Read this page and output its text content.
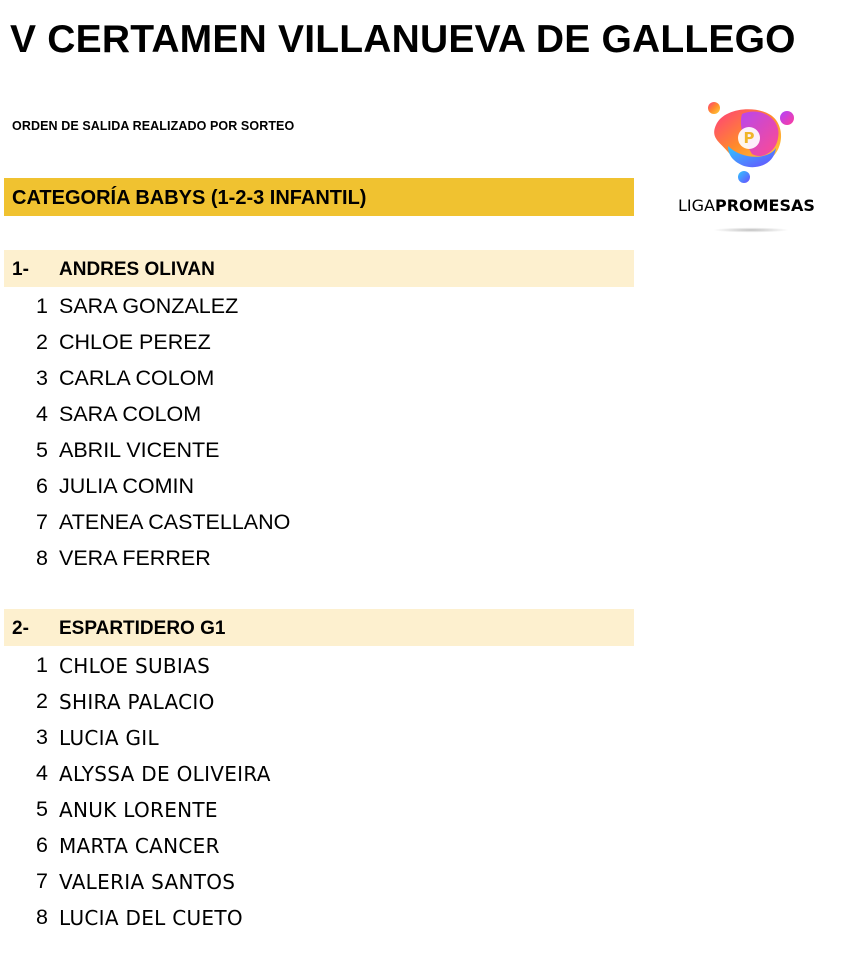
V CERTAMEN VILLANUEVA DE GALLEGO
ORDEN DE SALIDA REALIZADO POR SORTEO
CATEGORÍA BABYS (1-2-3 INFANTIL)
P
LIGAPROMESAS
1- ANDRES OLIVAN
1 SARA GONZALEZ
2 CHLOE PEREZ
3 CARLA COLOM
4 SARA COLOM
5 ABRIL VICENTE
6 JULIA COMIN
7 ATENEA CASTELLANO
8 VERA FERRER
2- ESPARTIDERO G1
1 CHLOE SUBIAS
2 SHIRA PALACIO
3 LUCIA GIL
4 ALYSSA DE OLIVEIRA
5 ANUK LORENTE
6 MARTA CANCER
7 VALERIA SANTOS
8 LUCIA DEL CUETO
